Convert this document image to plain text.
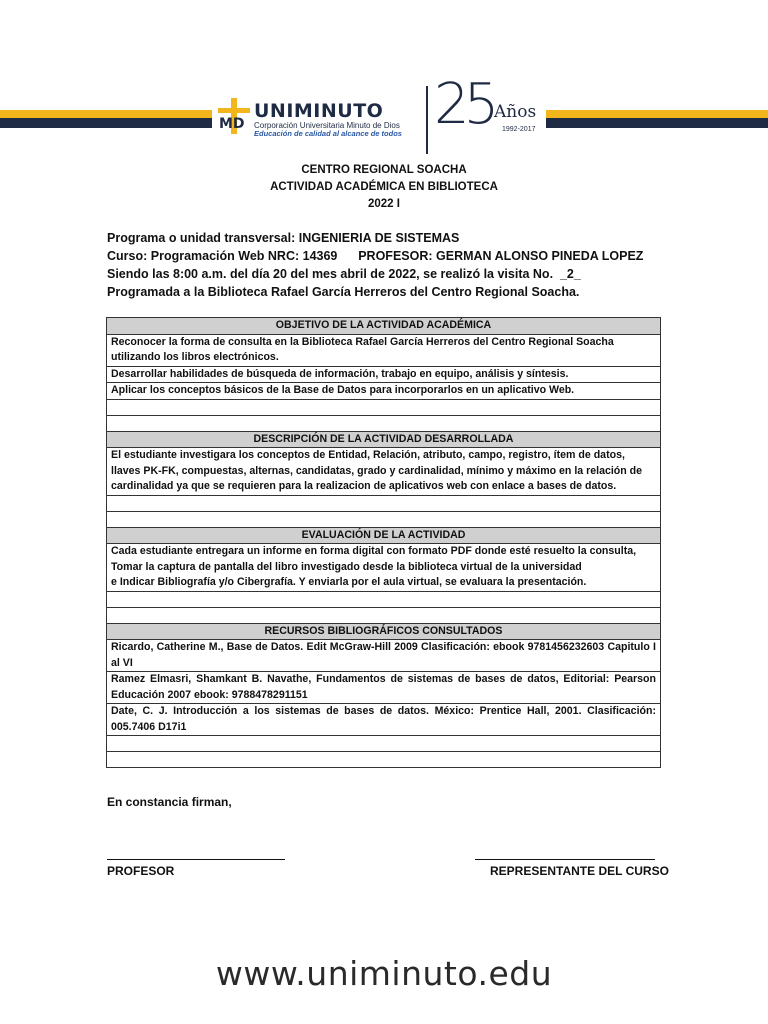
MD
UNIMINUTO
Corporación Universitaria Minuto de Dios
Educación de calidad al alcance de todos 25 Años
1992-2017
CENTRO REGIONAL SOACHA
ACTIVIDAD ACADÉMICA EN BIBLIOTECA
2022 I
Programa o unidad transversal: INGENIERIA DE SISTEMAS
Curso: Programación Web NRC: 14369      PROFESOR: GERMAN ALONSO PINEDA LOPEZ
Siendo las 8:00 a.m. del día 20 del mes abril de 2022, se realizó la visita No.  _2_
Programada a la Biblioteca Rafael García Herreros del Centro Regional Soacha.
OBJETIVO DE LA ACTIVIDAD ACADÉMICA
Reconocer la forma de consulta en la Biblioteca Rafael García Herreros del Centro Regional Soacha utilizando los libros electrónicos.
Desarrollar habilidades de búsqueda de información, trabajo en equipo, análisis y síntesis.
Aplicar los conceptos básicos de la Base de Datos para incorporarlos en un aplicativo Web.

DESCRIPCIÓN DE LA ACTIVIDAD DESARROLLADA

El estudiante investigara los conceptos de Entidad, Relación, atributo, campo, registro, ítem de datos,
llaves PK-FK, compuestas, alternas, candidatas, grado y cardinalidad, mínimo y máximo en la relación de
cardinalidad ya que se requieren para la realizacion de aplicativos web con enlace a bases de datos.

EVALUACIÓN DE LA ACTIVIDAD

Cada estudiante entregara un informe en forma digital con formato PDF donde esté resuelto la consulta,
Tomar la captura de pantalla del libro investigado desde la biblioteca virtual de la universidad
e Indicar Bibliografía y/o Cibergrafía. Y enviarla por el aula virtual, se evaluara la presentación.

RECURSOS BIBLIOGRÁFICOS CONSULTADOS
Ricardo, Catherine M., Base de Datos. Edit McGraw-Hill 2009 Clasificación: ebook 9781456232603 Capitulo I al VI
Ramez Elmasri, Shamkant B. Navathe, Fundamentos de sistemas de bases de datos, Editorial: Pearson Educación 2007 ebook: 9788478291151
Date, C. J. Introducción a los sistemas de bases de datos. México: Prentice Hall, 2001. Clasificación: 005.7406 D17i1

En constancia firman,
PROFESOR	REPRESENTANTE DEL CURSO
www.uniminuto.edu
